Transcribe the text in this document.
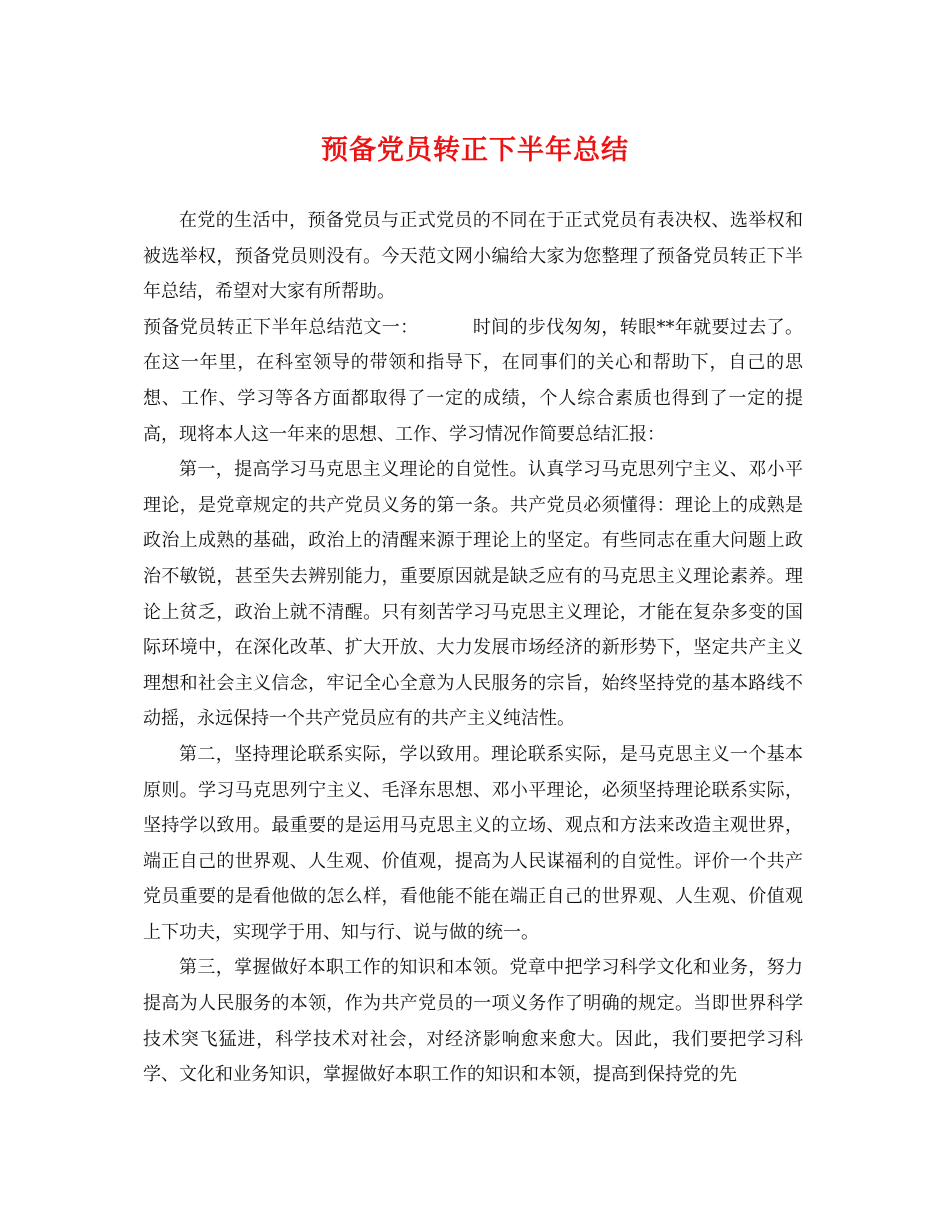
预备党员转正下半年总结

在党的生活中，预备党员与正式党员的不同在于正式党员有表决权、选举权和被选举权，预备党员则没有。今天范文网小编给大家为您整理了预备党员转正下半年总结，希望对大家有所帮助。

预备党员转正下半年总结范文一：	时间的步伐匆匆，转眼**年就要过去了。在这一年里，在科室领导的带领和指导下，在同事们的关心和帮助下，自己的思想、工作、学习等各方面都取得了一定的成绩，个人综合素质也得到了一定的提高，现将本人这一年来的思想、工作、学习情况作简要总结汇报：

第一，提高学习马克思主义理论的自觉性。认真学习马克思列宁主义、邓小平理论，是党章规定的共产党员义务的第一条。共产党员必须懂得：理论上的成熟是政治上成熟的基础，政治上的清醒来源于理论上的坚定。有些同志在重大问题上政治不敏锐，甚至失去辨别能力，重要原因就是缺乏应有的马克思主义理论素养。理论上贫乏，政治上就不清醒。只有刻苦学习马克思主义理论，才能在复杂多变的国际环境中，在深化改革、扩大开放、大力发展市场经济的新形势下，坚定共产主义理想和社会主义信念，牢记全心全意为人民服务的宗旨，始终坚持党的基本路线不动摇，永远保持一个共产党员应有的共产主义纯洁性。

第二，坚持理论联系实际，学以致用。理论联系实际，是马克思主义一个基本原则。学习马克思列宁主义、毛泽东思想、邓小平理论，必须坚持理论联系实际，坚持学以致用。最重要的是运用马克思主义的立场、观点和方法来改造主观世界，端正自己的世界观、人生观、价值观，提高为人民谋福利的自觉性。评价一个共产党员重要的是看他做的怎么样，看他能不能在端正自己的世界观、人生观、价值观上下功夫，实现学于用、知与行、说与做的统一。

第三，掌握做好本职工作的知识和本领。党章中把学习科学文化和业务，努力提高为人民服务的本领，作为共产党员的一项义务作了明确的规定。当即世界科学技术突飞猛进，科学技术对社会，对经济影响愈来愈大。因此，我们要把学习科学、文化和业务知识，掌握做好本职工作的知识和本领，提高到保持党的先
